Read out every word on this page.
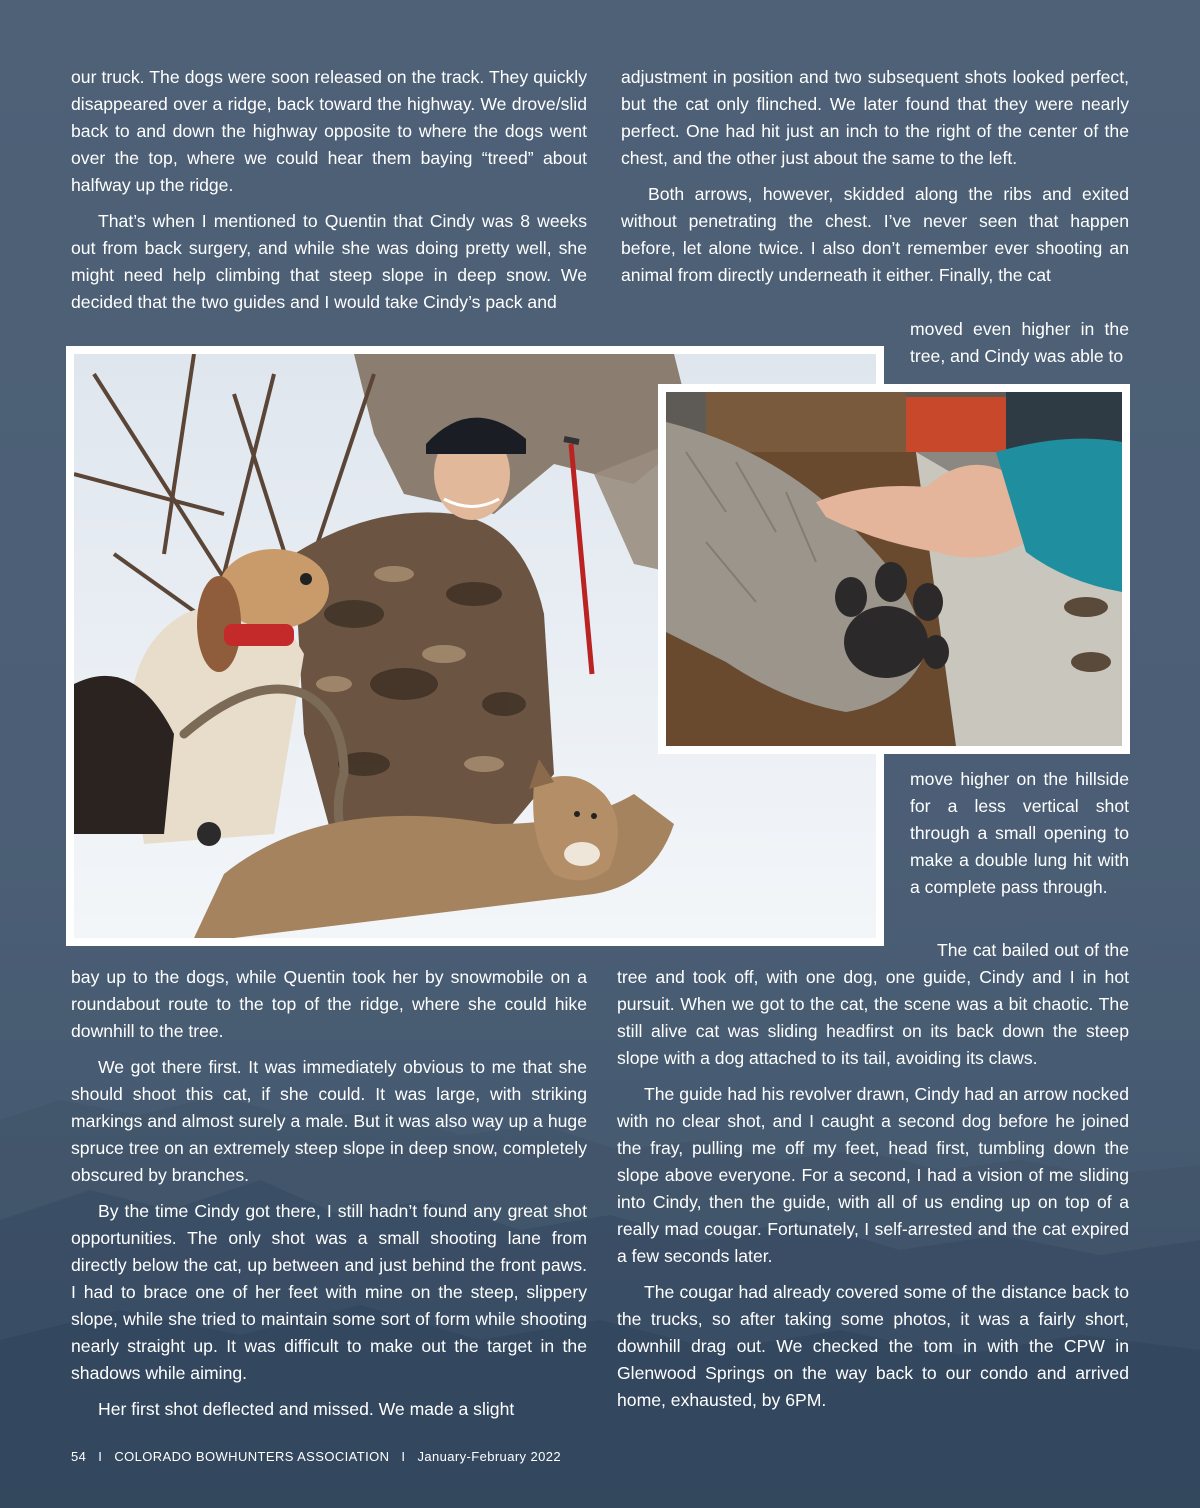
our truck. The dogs were soon released on the track. They quickly disappeared over a ridge, back toward the highway. We drove/slid back to and down the highway opposite to where the dogs went over the top, where we could hear them baying “treed” about halfway up the ridge.

That’s when I mentioned to Quentin that Cindy was 8 weeks out from back surgery, and while she was doing pretty well, she might need help climbing that steep slope in deep snow. We decided that the two guides and I would take Cindy’s pack and

adjustment in position and two subsequent shots looked perfect, but the cat only flinched. We later found that they were nearly perfect. One had hit just an inch to the right of the center of the chest, and the other just about the same to the left.

Both arrows, however, skidded along the ribs and exited without penetrating the chest. I’ve never seen that happen before, let alone twice. I also don’t remember ever shooting an animal from directly underneath it either. Finally, the cat

moved even higher in the tree, and Cindy was able to

move higher on the hillside for a less vertical shot through a small opening to make a double lung hit with a complete pass through.

bay up to the dogs, while Quentin took her by snowmobile on a roundabout route to the top of the ridge, where she could hike downhill to the tree.

We got there first. It was immediately obvious to me that she should shoot this cat, if she could. It was large, with striking markings and almost surely a male. But it was also way up a huge spruce tree on an extremely steep slope in deep snow, completely obscured by branches.

By the time Cindy got there, I still hadn’t found any great shot opportunities. The only shot was a small shooting lane from directly below the cat, up between and just behind the front paws. I had to brace one of her feet with mine on the steep, slippery slope, while she tried to maintain some sort of form while shooting nearly straight up. It was difficult to make out the target in the shadows while aiming.

Her first shot deflected and missed. We made a slight

The cat bailed out of the tree and took off, with one dog, one guide, Cindy and I in hot pursuit. When we got to the cat, the scene was a bit chaotic. The still alive cat was sliding headfirst on its back down the steep slope with a dog attached to its tail, avoiding its claws.

The guide had his revolver drawn, Cindy had an arrow nocked with no clear shot, and I caught a second dog before he joined the fray, pulling me off my feet, head first, tumbling down the slope above everyone. For a second, I had a vision of me sliding into Cindy, then the guide, with all of us ending up on top of a really mad cougar. Fortunately, I self-arrested and the cat expired a few seconds later.

The cougar had already covered some of the distance back to the trucks, so after taking some photos, it was a fairly short, downhill drag out. We checked the tom in with the CPW in Glenwood Springs on the way back to our condo and arrived home, exhausted, by 6PM.

54 I COLORADO BOWHUNTERS ASSOCIATION I January-February 2022
